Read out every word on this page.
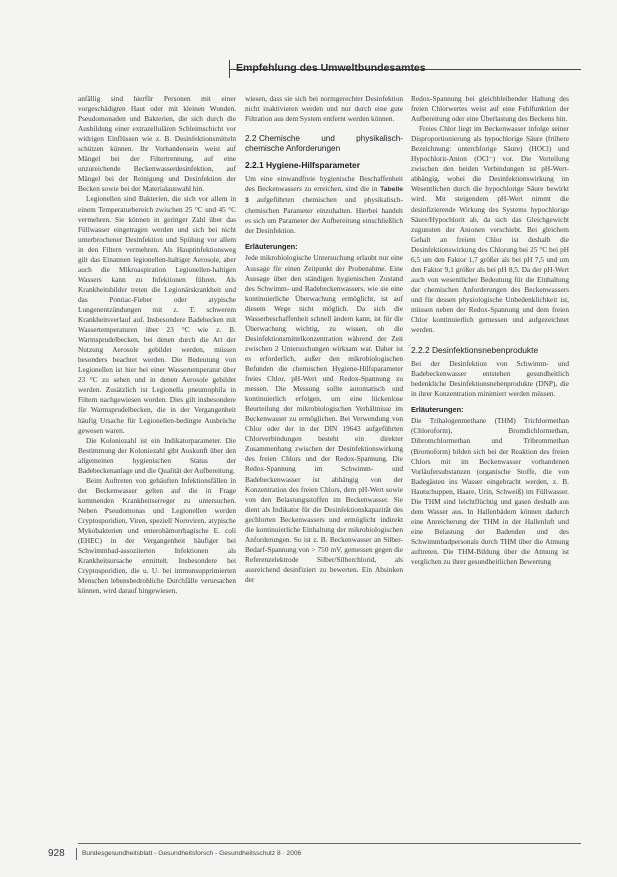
Empfehlung des Umweltbundesamtes

anfällig sind hierfür Personen mit einer vorgeschädigten Haut oder mit kleinen Wunden. Pseudomonaden und Bakterien, die sich durch die Ausbildung einer extrazellulären Schleimschicht vor widrigen Einflüssen wie z. B. Desinfektionsmitteln schützen können. Ihr Vorhandensein weist auf Mängel bei der Filtertrennung, auf eine unzureichende Beckenwasserdesinfektion, auf Mängel bei der Reinigung und Desinfektion der Becken sowie bei der Materialauswahl hin.

Legionellen sind Bakterien, die sich vor allem in einem Temperaturbereich zwischen 25 °C und 45 °C vermehren. Sie können in geringer Zahl über das Füllwasser eingetragen werden und sich bei nicht unterbrochener Desinfektion und Spülung vor allem in den Filtern vermehren. Als Hauptinfektionsweg gilt das Einatmen legionellen-haltiger Aerosole, aber auch die Mikroaspiration Legionellen-haltigen Wassers kann zu Infektionen führen. Als Krankheitsbilder treten die Legionärskrankheit und das Pontiac-Fieber oder atypische Lungenentzündungen mit z. T. schwerem Krankheitsverlauf auf. Insbesondere Badebecken mit Wassertemperaturen über 23 °C wie z. B. Warmsprudelbecken, bei denen durch die Art der Nutzung Aerosole gebildet werden, müssen besonders beachtet werden. Die Bedeutung von Legionellen ist hier bei einer Wassertemperatur über 23 °C zu sehen und in denen Aerosole gebildet werden. Zusätzlich ist Legionella pneumophila in Filtern nachgewiesen worden. Dies gilt insbesondere für Warmsprudelbecken, die in der Vergangenheit häufig Ursache für Legionellen-bedingte Ausbrüche gewesen waren.

Die Koloniezahl ist ein Indikatorparameter. Die Bestimmung der Koloniezahl gibt Auskunft über den allgemeinen hygienischen Status der Badebeckenanlage und die Qualität der Aufbereitung.

Beim Auftreten von gehäuften Infektionsfällen in der Beckenwasser gelten auf die in Frage kommenden Krankheitserreger zu untersuchen. Neben Pseudomonas und Legionellen werden Cryptosporidien, Viren, speziell Noroviren, atypische Mykobakterien und enterohämorrhagische E. coli (EHEC) in der Vergangenheit häufiger bei Schwimmbad-assoziierten Infektionen als Krankheitsursache ermittelt. Insbesondere bei Cryptosporidien, die u. U. bei immunsupprimierten Menschen lebensbedrohliche Durchfälle verursachen können, wird darauf hingewiesen,

wiesen, dass sie sich bei normgerechter Desinfektion nicht inaktivieren werden und nur durch eine gute Filtration aus dem System entfernt werden können.

2.2 Chemische und physikalisch-chemische Anforderungen
2.2.1 Hygiene-Hilfsparameter

Um eine einwandfreie hygienische Beschaffenheit des Beckenwassers zu erreichen, sind die in Tabelle 3 aufgeführten chemischen und physikalisch-chemischen Parameter einzuhalten. Hierbei handelt es sich um Parameter der Aufbereitung einschließlich der Desinfektion.

Erläuterungen:

Jede mikrobiologische Untersuchung erlaubt nur eine Aussage für einen Zeitpunkt der Probenahme. Eine Aussage über den ständigen hygienischen Zustand des Schwimm- und Badebeckenwassers, wie sie eine kontinuierliche Überwachung ermöglicht, ist auf diesem Wege nicht möglich. Da sich die Wasserbeschaffenheit schnell ändern kann, ist für die Überwachung wichtig, zu wissen, ob die Desinfektionsmittelkonzentration während der Zeit zwischen 2 Untersuchungen wirksam war. Daher ist es erforderlich, außer den mikrobiologischen Befunden die chemischen Hygiene-Hilfsparameter freies Chlor, pH-Wert und Redox-Spannung zu messen. Die Messung sollte automatisch und kontinuierlich erfolgen, um eine lückenlose Beurteilung der mikrobiologischen Verhältnisse im Beckenwasser zu ermöglichen. Bei Verwendung von Chlor oder der in der DIN 19643 aufgeführten Chlorverbindungen besteht ein direkter Zusammenhang zwischen der Desinfektionswirkung des freien Chlors und der Redox-Spannung. Die Redox-Spannung im Schwimm- und Badebeckenwasser ist abhängig von der Konzentration des freien Chlors, dem pH-Wert sowie von den Belastungsstoffen im Beckenwasser. Sie dient als Indikator für die Desinfektionskapazität des gechlorten Beckenwassers und ermöglicht indirekt die kontinuierliche Einhaltung der mikrobiologischen Anforderungen. So ist z. B. Beckenwasser an Silber-Bedarf-Spannung von > 750 mV, gemessen gegen die Referenzelektrode Silber/Silberchlorid, als ausreichend desinfiziert zu bewerten. Ein Absinken der

Redox-Spannung bei gleichbleibender Haltung des freien Chlorwertes weist auf eine Fehlfunktion der Aufbereitung oder eine Überlastung des Beckens hin.

Freies Chlor liegt im Beckenwasser infolge seiner Disproportionierung als hypochlorige Säure (frühere Bezeichnung: unterchlorige Säure) (HOCl) und Hypochlorit-Anion (OCl⁻) vor. Die Verteilung zwischen den beiden Verbindungen ist pH-Wert-abhängig, wobei die Desinfektionswirkung im Wesentlichen durch die hypochlorige Säure bewirkt wird. Mit steigendem pH-Wert nimmt die desinfizierende Wirkung des Systems hypochlorige Säure/Hypochlorit ab, da sich das Gleichgewicht zugunsten der Anionen verschiebt. Bei gleichem Gehalt an freiem Chlor ist deshalb die Desinfektionswirkung des Chlorung bei 25 °C bei pH 6,5 um den Faktor 1,7 größer als bei pH 7,5 und um den Faktor 9,1 größer als bei pH 8,5. Da der pH-Wert auch von wesentlicher Bedeutung für die Einhaltung der chemischen Anforderungen des Beckenwassers und für dessen physiologische Unbedenklichkeit ist, müssen neben der Redox-Spannung und dem freien Chlor kontinuierlich gemessen und aufgezeichnet werden.

2.2.2 Desinfektionsnebenprodukte

Bei der Desinfektion von Schwimm- und Badebeckenwasser entstehen gesundheitlich bedenkliche Desinfektionsnebenprodukte (DNP), die in ihrer Konzentration minimiert werden müssen.

Erläuterungen:

Die Trihalogenmethane (THM) Trichlormethan (Chloroform), Bromdichlormethan, Dibromchlormethan und Tribrommethan (Bromoform) bilden sich bei der Reaktion des freien Chlors mit im Beckenwasser vorhandenen Vorläufersubstanzen (organische Stoffe, die von Badegästen ins Wasser eingebracht werden, z. B. Hautschuppen, Haare, Urin, Schweiß) im Füllwasser. Die THM sind leichtflüchtig und gasen deshalb aus dem Wasser aus. In Hallenbädern können dadurch eine Anreicherung der THM in der Hallenluft und eine Belastung der Badenden und des Schwimmbadpersonals durch THM über die Atmung auftreten. Die THM-Bildung über die Atmung ist verglichen zu ihrer gesundheitlichen Bewertung

928	Bundesgesundheitsblatt - Gesundheitsforsch - Gesundheitsschutz 8 · 2006
